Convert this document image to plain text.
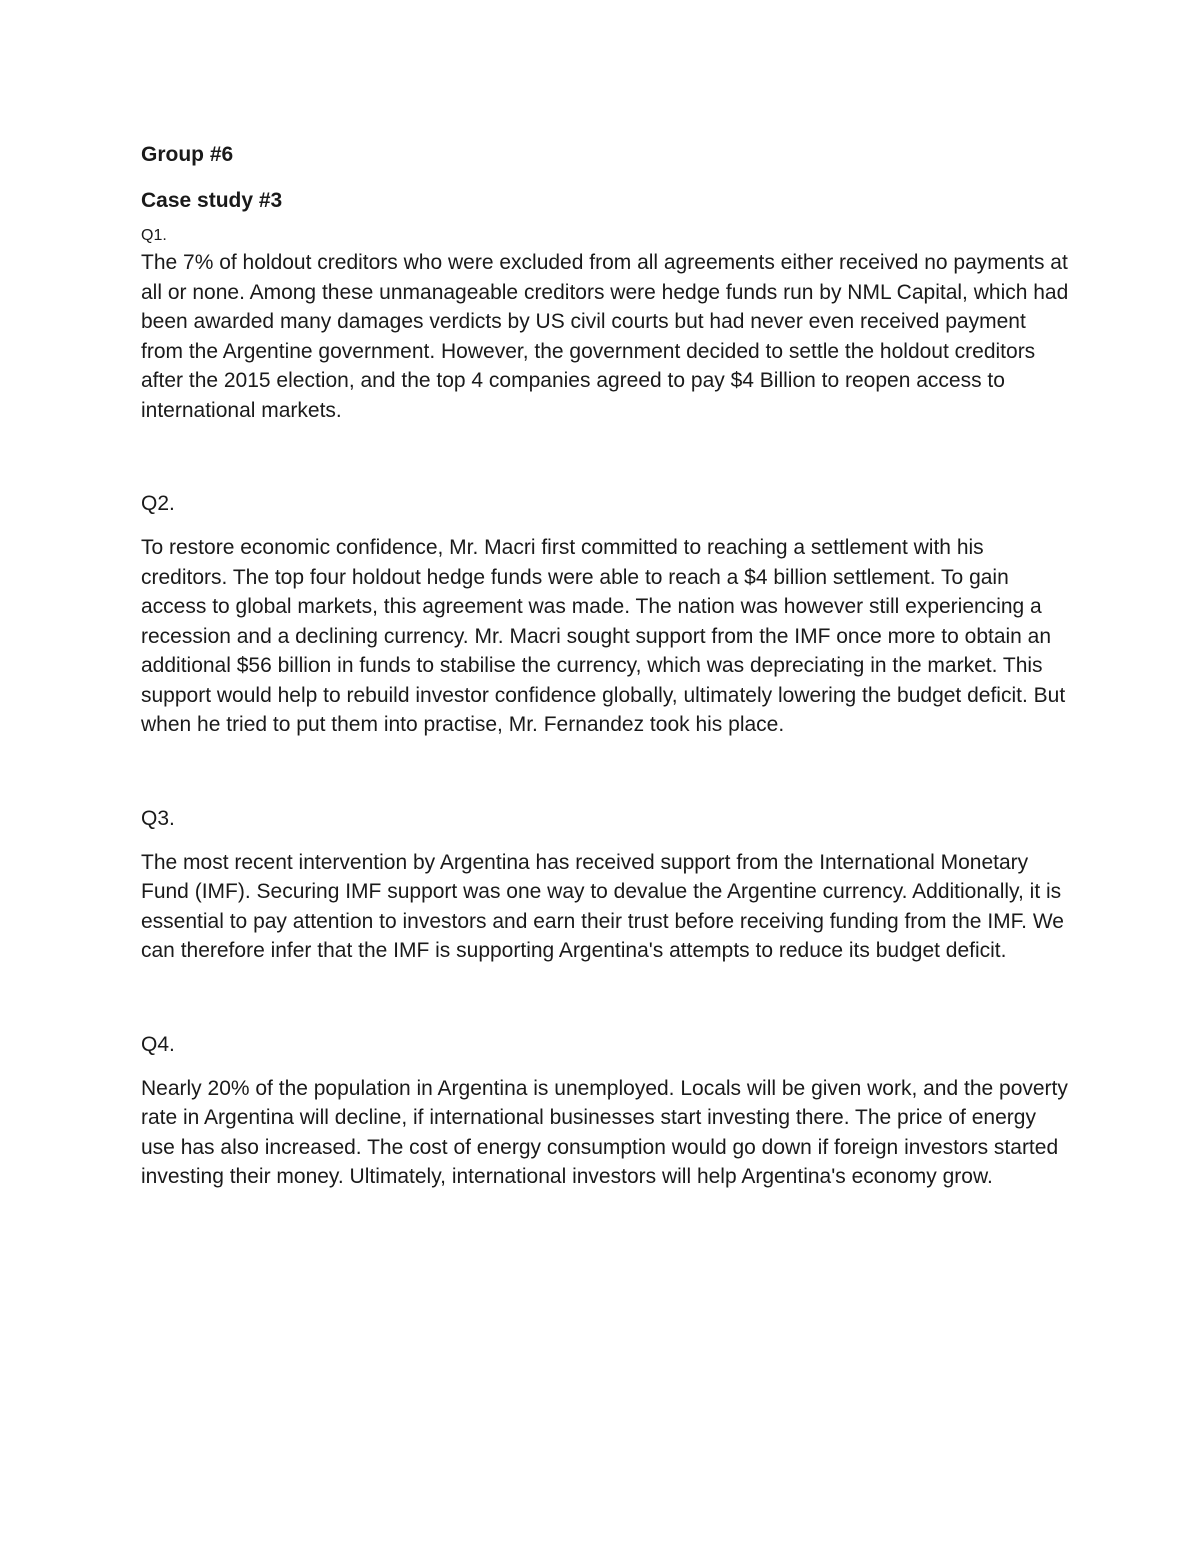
Group #6

Case study #3

Q1.

The 7% of holdout creditors who were excluded from all agreements either received no payments at all or none. Among these unmanageable creditors were hedge funds run by NML Capital, which had been awarded many damages verdicts by US civil courts but had never even received payment from the Argentine government. However, the government decided to settle the holdout creditors after the 2015 election, and the top 4 companies agreed to pay $4 Billion to reopen access to international markets.

Q2.

To restore economic confidence, Mr. Macri first committed to reaching a settlement with his creditors. The top four holdout hedge funds were able to reach a $4 billion settlement. To gain access to global markets, this agreement was made. The nation was however still experiencing a recession and a declining currency. Mr. Macri sought support from the IMF once more to obtain an additional $56 billion in funds to stabilise the currency, which was depreciating in the market. This support would help to rebuild investor confidence globally, ultimately lowering the budget deficit. But when he tried to put them into practise, Mr. Fernandez took his place.

Q3.

The most recent intervention by Argentina has received support from the International Monetary Fund (IMF). Securing IMF support was one way to devalue the Argentine currency. Additionally, it is essential to pay attention to investors and earn their trust before receiving funding from the IMF. We can therefore infer that the IMF is supporting Argentina's attempts to reduce its budget deficit.

Q4.

Nearly 20% of the population in Argentina is unemployed. Locals will be given work, and the poverty rate in Argentina will decline, if international businesses start investing there. The price of energy use has also increased. The cost of energy consumption would go down if foreign investors started investing their money. Ultimately, international investors will help Argentina's economy grow.
